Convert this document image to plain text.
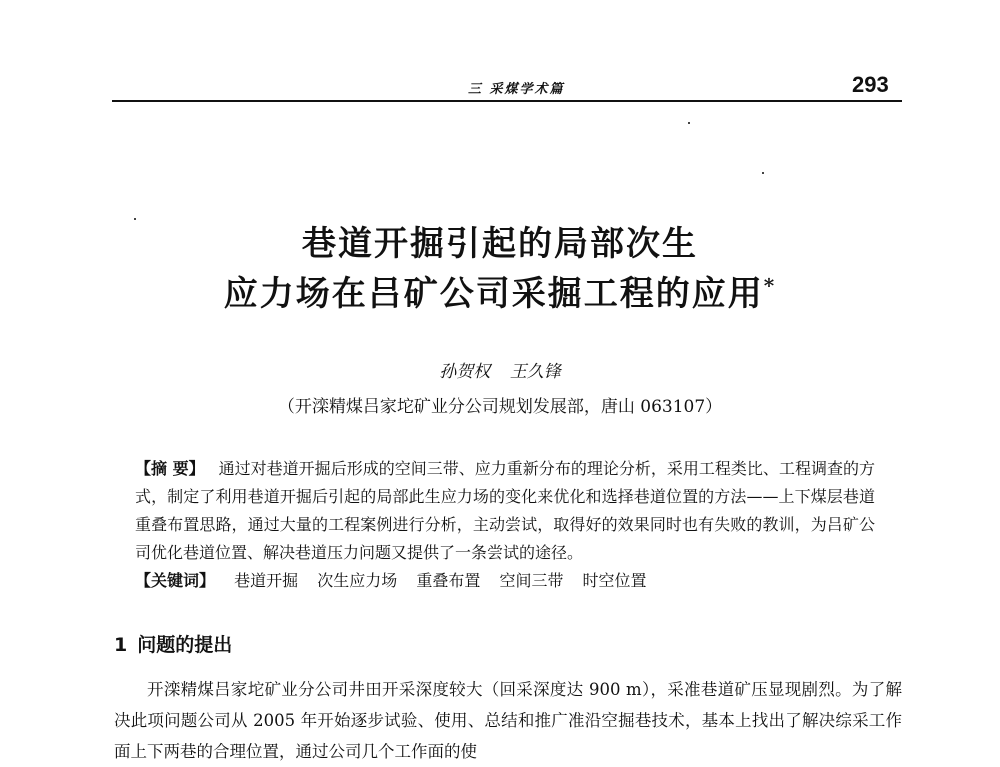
三 采煤学术篇	293
巷道开掘引起的局部次生
应力场在吕矿公司采掘工程的应用*
孙贺权 王久锋
（开滦精煤吕家坨矿业分公司规划发展部，唐山 063107）
【摘 要】 通过对巷道开掘后形成的空间三带、应力重新分布的理论分析，采用工程类比、工程调查的方式，制定了利用巷道开掘后引起的局部此生应力场的变化来优化和选择巷道位置的方法——上下煤层巷道重叠布置思路，通过大量的工程案例进行分析，主动尝试，取得好的效果同时也有失败的教训，为吕矿公司优化巷道位置、解决巷道压力问题又提供了一条尝试的途径。
【关键词】 巷道开掘 次生应力场 重叠布置 空间三带 时空位置
1 问题的提出
开滦精煤吕家坨矿业分公司井田开采深度较大（回采深度达 900 m），采准巷道矿压显现剧烈。为了解决此项问题公司从 2005 年开始逐步试验、使用、总结和推广准沿空掘巷技术，基本上找出了解决综采工作面上下两巷的合理位置，通过公司几个工作面的使
